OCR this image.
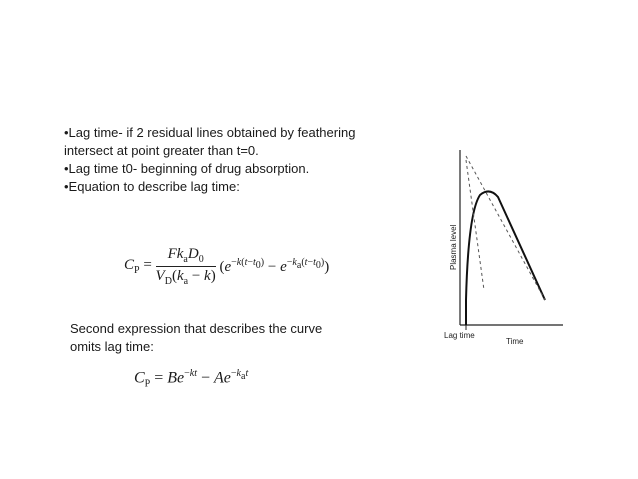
•Lag time- if 2 residual lines obtained by feathering intersect at point greater than t=0.
•Lag time t0- beginning of drug absorption.
•Equation to describe lag time:
$C_P = \frac{Fk_aD_0}{V_D(k_a - k)} (e^{-k(t-t_0)} - e^{-k_a(t-t_0)})$
Second expression that describes the curve omits lag time:
$C_P = Be^{-kt} - Ae^{-k_at}$
Plasma level
Lag time
Time
